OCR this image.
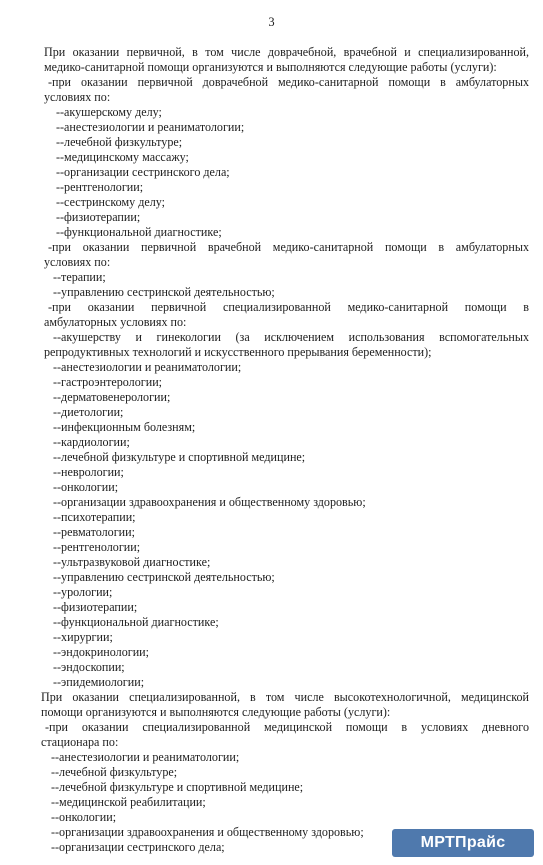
3
При оказании первичной, в том числе доврачебной, врачебной и специализированной,
медико-санитарной помощи организуются и выполняются следующие работы (услуги):
-при оказании первичной доврачебной медико-санитарной помощи в амбулаторных
условиях по:
--акушерскому делу;
--анестезиологии и реаниматологии;
--лечебной физкультуре;
--медицинскому массажу;
--организации сестринского дела;
--рентгенологии;
--сестринскому делу;
--физиотерапии;
--функциональной диагностике;
-при оказании первичной врачебной медико-санитарной помощи в амбулаторных
условиях по:
--терапии;
--управлению сестринской деятельностью;
-при оказании первичной специализированной медико-санитарной помощи в
амбулаторных условиях по:
--акушерству и гинекологии (за исключением использования вспомогательных
репродуктивных технологий и искусственного прерывания беременности);
--анестезиологии и реаниматологии;
--гастроэнтерологии;
--дерматовенерологии;
--диетологии;
--инфекционным болезням;
--кардиологии;
--лечебной физкультуре и спортивной медицине;
--неврологии;
--онкологии;
--организации здравоохранения и общественному здоровью;
--психотерапии;
--ревматологии;
--рентгенологии;
--ультразвуковой диагностике;
--управлению сестринской деятельностью;
--урологии;
--физиотерапии;
--функциональной диагностике;
--хирургии;
--эндокринологии;
--эндоскопии;
--эпидемиологии;
При оказании специализированной, в том числе высокотехнологичной, медицинской
помощи организуются и выполняются следующие работы (услуги):
-при оказании специализированной медицинской помощи в условиях дневного
стационара по:
--анестезиологии и реаниматологии;
--лечебной физкультуре;
--лечебной физкультуре и спортивной медицине;
--медицинской реабилитации;
--онкологии;
--организации здравоохранения и общественному здоровью;
--организации сестринского дела;	МРТПрайс
